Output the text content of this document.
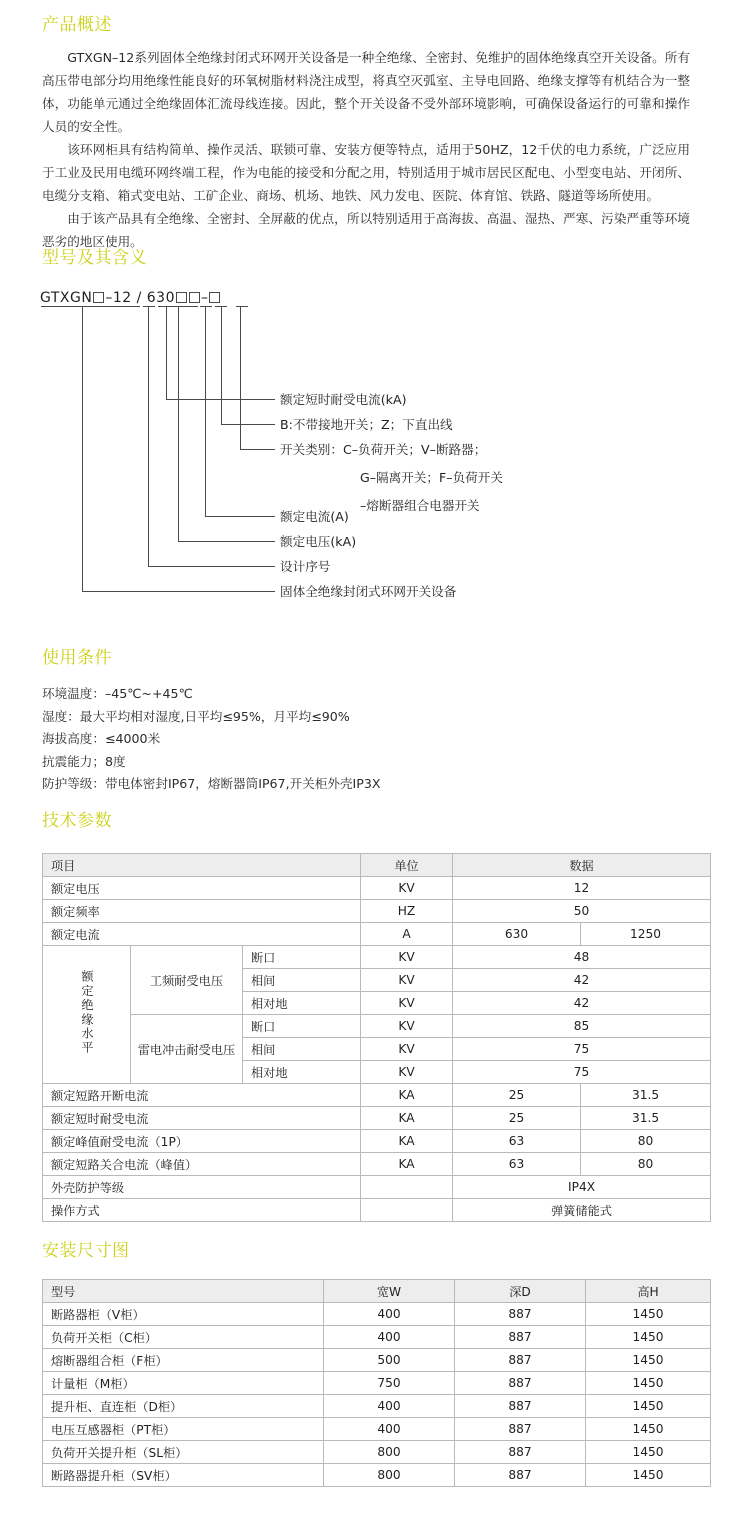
产品概述

GTXGN–12系列固体全绝缘封闭式环网开关设备是一种全绝缘、全密封、免维护的固体绝缘真空开关设备。所有高压带电部分均用绝缘性能良好的环氧树脂材料浇注成型，将真空灭弧室、主导电回路、绝缘支撑等有机结合为一整体，功能单元通过全绝缘固体汇流母线连接。因此，整个开关设备不受外部环境影响，可确保设备运行的可靠和操作人员的安全性。

该环网柜具有结构简单、操作灵活、联锁可靠、安装方便等特点，适用于50HZ，12千伏的电力系统，广泛应用于工业及民用电缆环网终端工程，作为电能的接受和分配之用，特别适用于城市居民区配电、小型变电站、开闭所、电缆分支箱、箱式变电站、工矿企业、商场、机场、地铁、风力发电、医院、体育馆、铁路、隧道等场所使用。

由于该产品具有全绝缘、全密封、全屏蔽的优点，所以特别适用于高海拔、高温、湿热、严寒、污染严重等环境恶劣的地区使用。

型号及其含义
GTXGN –12 / 630 –
额定短时耐受电流(kA)
B:不带接地开关；Z；下直出线
开关类别：C–负荷开关；V–断路器；
G–隔离开关；F–负荷开关
–熔断器组合电器开关
额定电流(A)
额定电压(kA)
设计序号
固体全绝缘封闭式环网开关设备
使用条件
环境温度：–45℃~+45℃
湿度：最大平均相对湿度,日平均≤95%，月平均≤90%
海拔高度：≤4000米
抗震能力；8度
防护等级：带电体密封IP67，熔断器筒IP67,开关柜外壳IP3X
技术参数
项目			单位	数据	
额定电压			KV	12	
额定频率			HZ	50	
额定电流			A	630	1250
额定绝缘水平	工频耐受电压	断口	KV	48	
		相间	KV	42	
		相对地	KV	42	
	雷电冲击耐受电压	断口	KV	85	
		相间	KV	75	
		相对地	KV	75	
额定短路开断电流			KA	25	31.5
额定短时耐受电流			KA	25	31.5
额定峰值耐受电流（1P）			KA	63	80
额定短路关合电流（峰值）			KA	63	80
外壳防护等级				IP4X	
操作方式				弹簧储能式	
安装尺寸图
型号	宽W	深D	高H
断路器柜（V柜）	400	887	1450
负荷开关柜（C柜）	400	887	1450
熔断器组合柜（F柜）	500	887	1450
计量柜（M柜）	750	887	1450
提升柜、直连柜（D柜）	400	887	1450
电压互感器柜（PT柜）	400	887	1450
负荷开关提升柜（SL柜）	800	887	1450
断路器提升柜（SV柜）	800	887	1450
